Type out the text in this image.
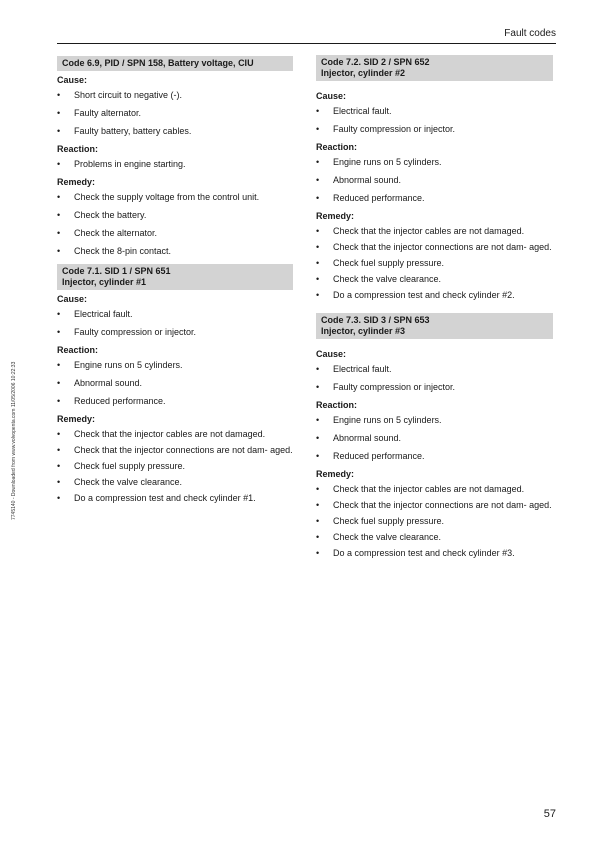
Fault codes
7745140 - Downloaded from www.volvopenta.com 11/05/2006 10:22:33
57
Code 6.9, PID / SPN 158, Battery voltage, CIU
Cause:
• Short circuit to negative (-).
• Faulty alternator.
• Faulty battery, battery cables.
Reaction:
• Problems in engine starting.
Remedy:
• Check the supply voltage from the control unit.
• Check the battery.
• Check the alternator.
• Check the 8-pin contact.
Code 7.1. SID 1 / SPN 651
Injector, cylinder #1
Cause:
• Electrical fault.
• Faulty compression or injector.
Reaction:
• Engine runs on 5 cylinders.
• Abnormal sound.
• Reduced performance.
Remedy:
• Check that the injector cables are not damaged.
• Check that the injector connections are not dam- aged.
• Check fuel supply pressure.
• Check the valve clearance.
• Do a compression test and check cylinder #1.
Code 7.2. SID 2 / SPN 652
Injector, cylinder #2
Cause:
• Electrical fault.
• Faulty compression or injector.
Reaction:
• Engine runs on 5 cylinders.
• Abnormal sound.
• Reduced performance.
Remedy:
• Check that the injector cables are not damaged.
• Check that the injector connections are not dam- aged.
• Check fuel supply pressure.
• Check the valve clearance.
• Do a compression test and check cylinder #2.
Code 7.3. SID 3 / SPN 653
Injector, cylinder #3
Cause:
• Electrical fault.
• Faulty compression or injector.
Reaction:
• Engine runs on 5 cylinders.
• Abnormal sound.
• Reduced performance.
Remedy:
• Check that the injector cables are not damaged.
• Check that the injector connections are not dam- aged.
• Check fuel supply pressure.
• Check the valve clearance.
• Do a compression test and check cylinder #3.
